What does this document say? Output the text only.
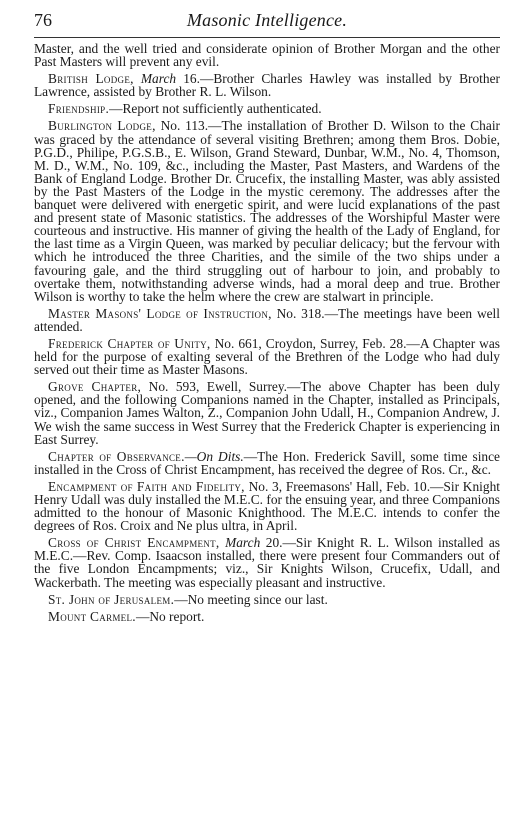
Masonic Intelligence.
76

Master, and the well tried and considerate opinion of Brother Morgan and the other Past Masters will prevent any evil.

British Lodge, March 16.—Brother Charles Hawley was installed by Brother Lawrence, assisted by Brother R. L. Wilson.

Friendship.—Report not sufficiently authenticated.

Burlington Lodge, No. 113.—The installation of Brother D. Wilson to the Chair was graced by the attendance of several visiting Brethren; among them Bros. Dobie, P.G.D., Philipe, P.G.S.B., E. Wilson, Grand Steward, Dunbar, W.M., No. 4, Thomson, M. D., W.M., No. 109, &c., including the Master, Past Masters, and Wardens of the Bank of England Lodge. Brother Dr. Crucefix, the installing Master, was ably assisted by the Past Masters of the Lodge in the mystic ceremony. The addresses after the banquet were delivered with energetic spirit, and were lucid explanations of the past and present state of Masonic statistics. The addresses of the Worshipful Master were courteous and instructive. His manner of giving the health of the Lady of England, for the last time as a Virgin Queen, was marked by peculiar delicacy; but the fervour with which he introduced the three Charities, and the simile of the two ships under a favouring gale, and the third struggling out of harbour to join, and probably to overtake them, notwithstanding adverse winds, had a moral deep and true. Brother Wilson is worthy to take the helm where the crew are stalwart in principle.

Master Masons' Lodge of Instruction, No. 318.—The meetings have been well attended.

Frederick Chapter of Unity, No. 661, Croydon, Surrey, Feb. 28.—A Chapter was held for the purpose of exalting several of the Brethren of the Lodge who had duly served out their time as Master Masons.

Grove Chapter, No. 593, Ewell, Surrey.—The above Chapter has been duly opened, and the following Companions named in the Chapter, installed as Principals, viz., Companion James Walton, Z., Companion John Udall, H., Companion Andrew, J. We wish the same success in West Surrey that the Frederick Chapter is experiencing in East Surrey.

Chapter of Observance.—On Dits.—The Hon. Frederick Savill, some time since installed in the Cross of Christ Encampment, has received the degree of Ros. Cr., &c.

Encampment of Faith and Fidelity, No. 3, Freemasons' Hall, Feb. 10.—Sir Knight Henry Udall was duly installed the M.E.C. for the ensuing year, and three Companions admitted to the honour of Masonic Knighthood. The M.E.C. intends to confer the degrees of Ros. Croix and Ne plus ultra, in April.

Cross of Christ Encampment, March 20.—Sir Knight R. L. Wilson installed as M.E.C.—Rev. Comp. Isaacson installed, there were present four Commanders out of the five London Encampments; viz., Sir Knights Wilson, Crucefix, Udall, and Wackerbath. The meeting was especially pleasant and instructive.

St. John of Jerusalem.—No meeting since our last.

Mount Carmel.—No report.
